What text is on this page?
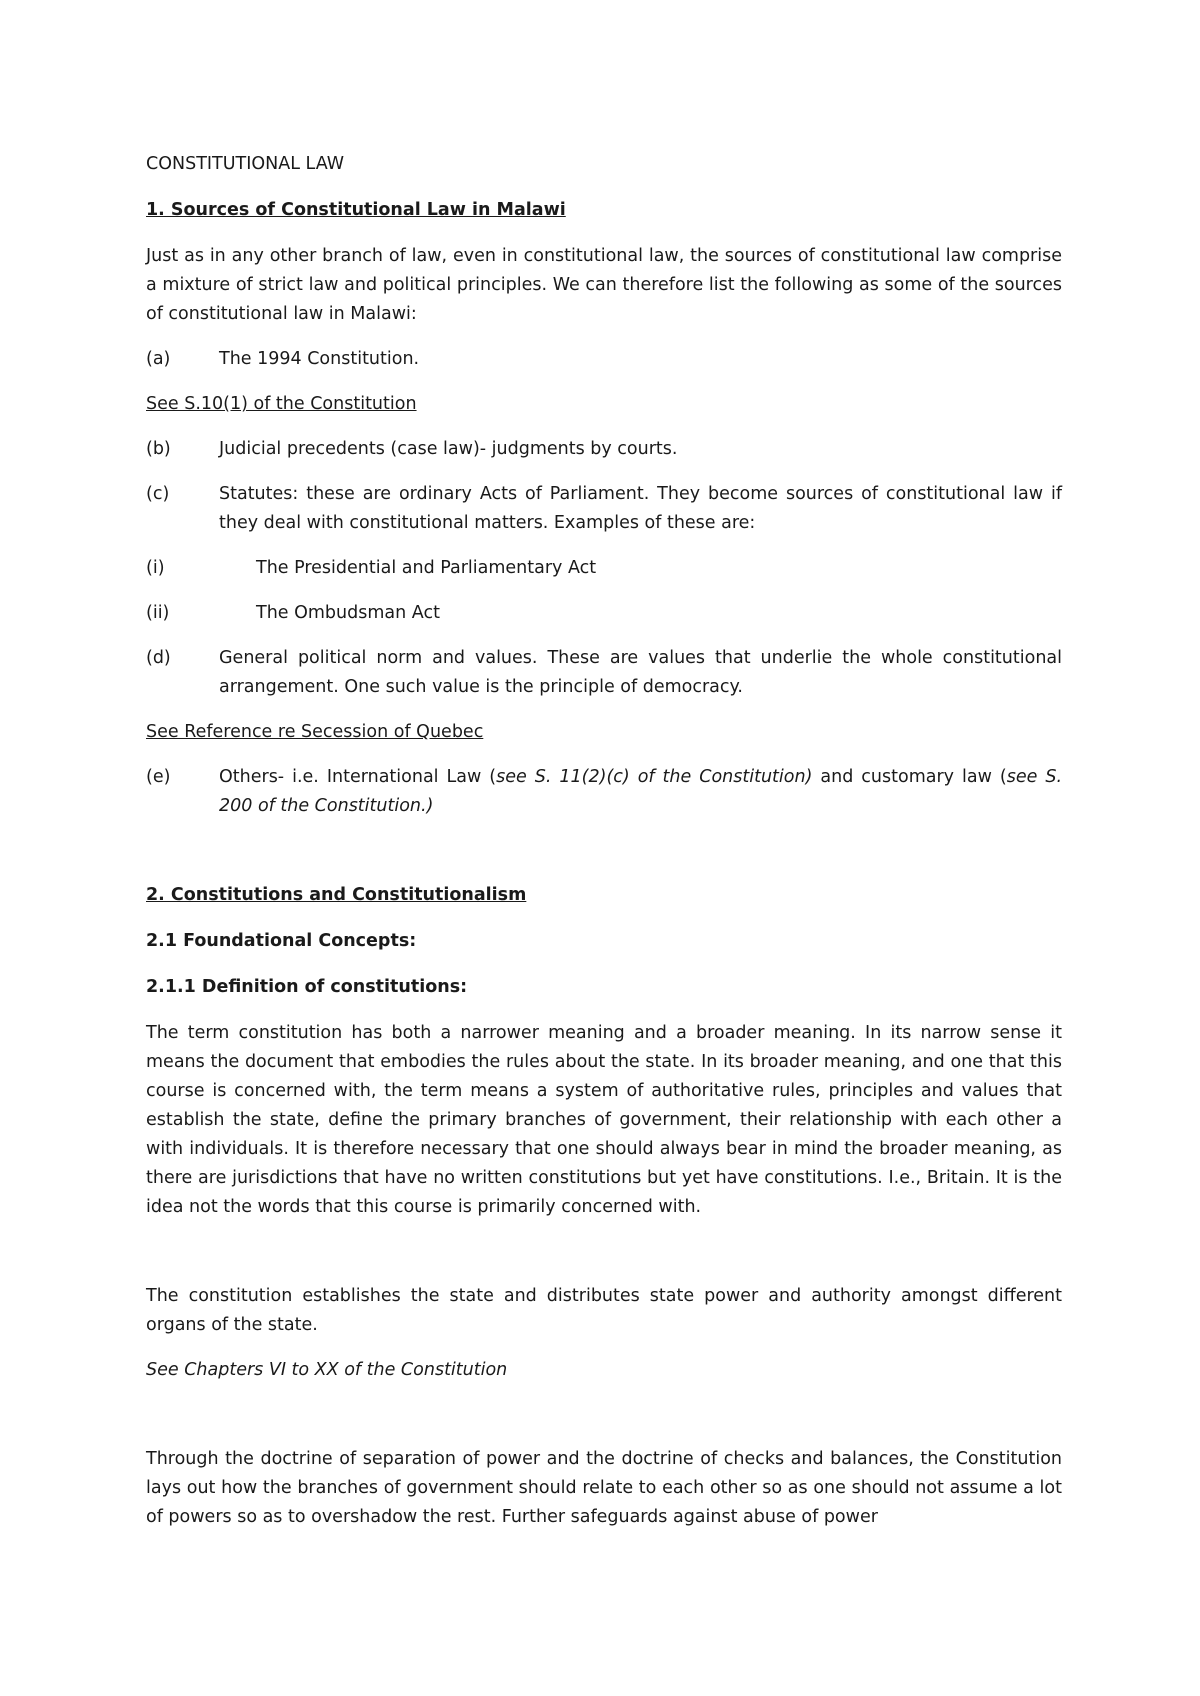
CONSTITUTIONAL LAW

1. Sources of Constitutional Law in Malawi

Just as in any other branch of law, even in constitutional law, the sources of constitutional law comprise a mixture of strict law and political principles. We can therefore list the following as some of the sources of constitutional law in Malawi:

(a)	The 1994 Constitution.

See S.10(1) of the Constitution

(b)	Judicial precedents (case law)- judgments by courts.
(c)	Statutes: these are ordinary Acts of Parliament. They become sources of constitutional law if they deal with constitutional matters. Examples of these are:
(i)	The Presidential and Parliamentary Act
(ii)	The Ombudsman Act
(d)	General political norm and values. These are values that underlie the whole constitutional arrangement. One such value is the principle of democracy.

See Reference re Secession of Quebec

(e)	Others- i.e. International Law (see S. 11(2)(c) of the Constitution) and customary law (see S. 200 of the Constitution.)

2. Constitutions and Constitutionalism

2.1 Foundational Concepts:

2.1.1 Definition of constitutions:

The term constitution has both a narrower meaning and a broader meaning. In its narrow sense it means the document that embodies the rules about the state. In its broader meaning, and one that this course is concerned with, the term means a system of authoritative rules, principles and values that establish the state, define the primary branches of government, their relationship with each other a with individuals. It is therefore necessary that one should always bear in mind the broader meaning, as there are jurisdictions that have no written constitutions but yet have constitutions. I.e., Britain. It is the idea not the words that this course is primarily concerned with.

The constitution establishes the state and distributes state power and authority amongst different organs of the state.

See Chapters VI to XX of the Constitution

Through the doctrine of separation of power and the doctrine of checks and balances, the Constitution lays out how the branches of government should relate to each other so as one should not assume a lot of powers so as to overshadow the rest. Further safeguards against abuse of power
